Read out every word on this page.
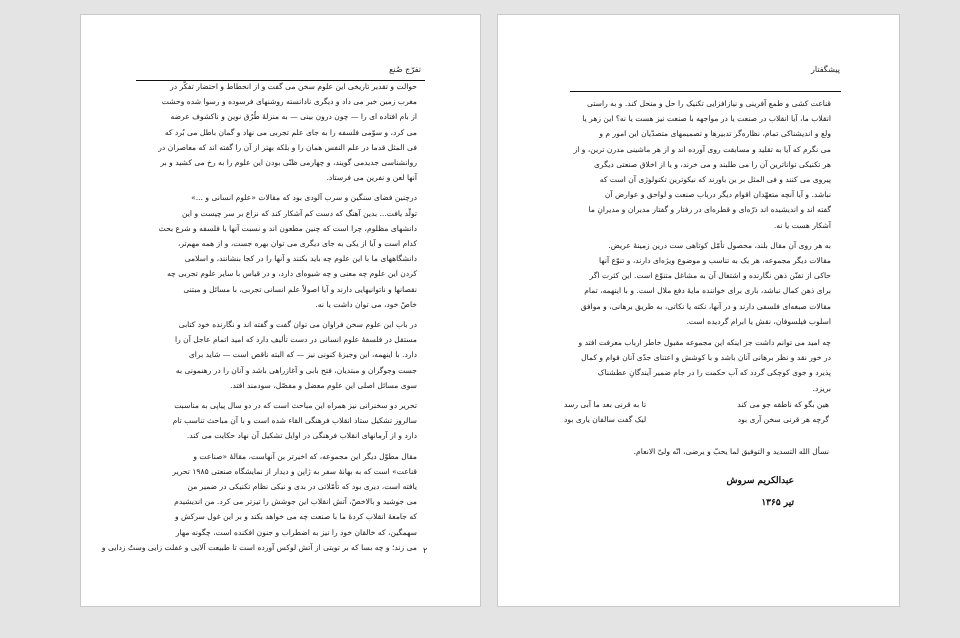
تفرّج صُنع

حوالت و تقدیر تاریخی این علوم سخن می گفت و از انحطاط و احتضار تفکّر در
مغرب زمین خبر می داد و دیگری نادانسته روشنهای فرسوده و رسوا شده وحشت
از بام افتاده ای را — چون درون بینی — به منزلهٔ طُرُق نوین و ناکشوف عرضه
می کرد، و سوّمی فلسفه را به جای علم تجربی می نهاد و گمان باطل می بُرد که
فی المثل قدما در علم النفس همان را و بلکه بهتر از آن را گفته اند که معاصران در
روانشناسی جدیدمی گویند، و چهارمی ظنّی بودن این علوم را به رخ می کشید و بر
آنها لعن و نفرین می فرستاد.

درچنین فضای سنگین و سرب آلودی بود که مقالات «علوم انسانی و ...»
تولّد یافت... بدین آهنگ که دست کم آشکار کند که نزاع بر سر چیست و این
دانشهای مظلوم، چرا است که چنین مطعون اند و نسبت آنها با فلسفه و شرع بحث
کدام است و آیا از یکی به جای دیگری می توان بهره جست، و از همه مهم‌تر،
دانشگاههای ما با این علوم چه باید بکنند و آنها را در کجا بنشانند، و اسلامی
کردن این علوم چه معنی و چه شیوه‌ای دارد، و در قیاس با سایر علوم تجربی چه
نقصانها و ناتوانیهایی دارند و آیا اصولاً علم انسانی تجربی، با مسائل و مبتنی
خاصّ خود، می توان داشت یا نه.

در باب این علوم سخن فراوان می توان گفت و گفته اند و نگارنده خود کتابی
مستقل در فلسفهٔ علوم انسانی در دست تألیف دارد که امید اتمام عاجل آن را
دارد. با اینهمه، این وجیزهٔ کنونی نیز — که البته ناقص است — شاید برای
جست وجوگران و مبتدیان، فتح بابی و آغازراهی باشد و آنان را در رهنمونی به
سوی مسائل اصلی این علوم معضل و مفصّل، سودمند افتد.

تحریر دو سخنرانی نیز همراه این مباحث است که در دو سال پیاپی به مناسبت
سالروز تشکیل ستاد انقلاب فرهنگی القاء شده است و با آن مباحث تناسب تام
دارد و از آرمانهای انقلاب فرهنگی در اوایل تشکیل آن نهاد حکایت می کند.

مقال مطوّل دیگر این مجموعه، که اخیرتر ین آنهاست، مقالهٔ «صناعت و
قناعت» است که به بهانهٔ سفر به ژاپن و دیدار از نمایشگاه صنعتی ۱۹۸۵ تحریر
یافته است، دیری بود که تأمّلاتی در بدی و نیکی نظام تکنیکی در ضمیر من
می جوشید و بالاخصّ، آتش انقلاب این جوشش را تیزتر می کرد. من اندیشیدم
که جامعهٔ انقلاب کردهٔ ما با صنعت چه می خواهد بکند و بر این غول سرکش و
سهمگین، که خالقان خود را نیز به اضطراب و جنون افکنده است، چگونه مهار
می زند؛ و چه بسا که بر توبتی از آتش لوکس آورده است تا طبیعت آلایی و غفلت زایی وستُ زدایی و ۲
پیشگفتار

قناعت کشی و طمع آفرینی و نیازافزایی تکنیک را حل و منحل کند. و به راستی
انقلاب ما، آیا انقلاب در صنعت یا در مواجهه با صنعت نیز هست یا نه؟ این زهر یا
ولع و اندیشناکی تمام، نظاره‌گر تدبیرها و تصمیمهای متصدّیان این امور م و
می نگرم که آیا به تقلید و مسابقت روی آورده اند و از هر ماشینی مدرن ترین، و از
هر تکنیکی تواناترین آن را می طلبند و می خرند، و یا از اخلاق صنعتی دیگری
پیروی می کنند و فی المثل بر ین باورند که نیکوترین تکنولوژی آن است که
نباشد. و آیا آنچه متعهّدان اقوام دیگر درباب صنعت و لواحق و عوارض آن
گفته اند و اندیشیده اند ذرّه‌ای و قطره‌ای در رفتار و گفتار مدیران و مدیرانِ ما
آشکار هست یا نه.

به هر روی آن مقال بلند، محصول تأمّل کوتاهی ست درین زمینهٔ عریض.
مقالات دیگر مجموعه، هر یک به تناسب و موضوع ویژه‌ای دارند، و تنوّع آنها
حاکی از تفنّن ذهن نگارنده و اشتغال آن به مشاغل متنوّع است. این کثرت اگر
برای ذهن کمال نباشد، باری برای خواننده مایهٔ دفع ملال است. و با اینهمه، تمام
مقالات صبغه‌ای فلسفی دارند و در آنها، نکته یا نکاتی، به طریق برهانی، و موافق
اسلوب فیلسوفان، نقش یا ابرام گردیده است.

چه امید می توانم داشت جز اینکه این مجموعه مقبول خاطر ارباب معرفت افتد و
در خور نقد و نظر برهانی آنان باشد و با کوشش و اعتنای جدّی آنان قوام و کمال
پذیرد و جوی کوچکی گردد که آب حکمت را در جام ضمیر آیندگانِ عطشناک
بریزد.

هین بگو که ناطقه جو می کند
تا به قرنی بعد ما آبی رسد
گرچه هر قرنی سخن آری بود
لیک گفت سالفان یاری بود
نسأل الله التسدید و التوفیق لما یحبّ و یرضی، انّه ولیّ الانعام.
عبدالکریم سروش
تیر ۱۳۶۵
